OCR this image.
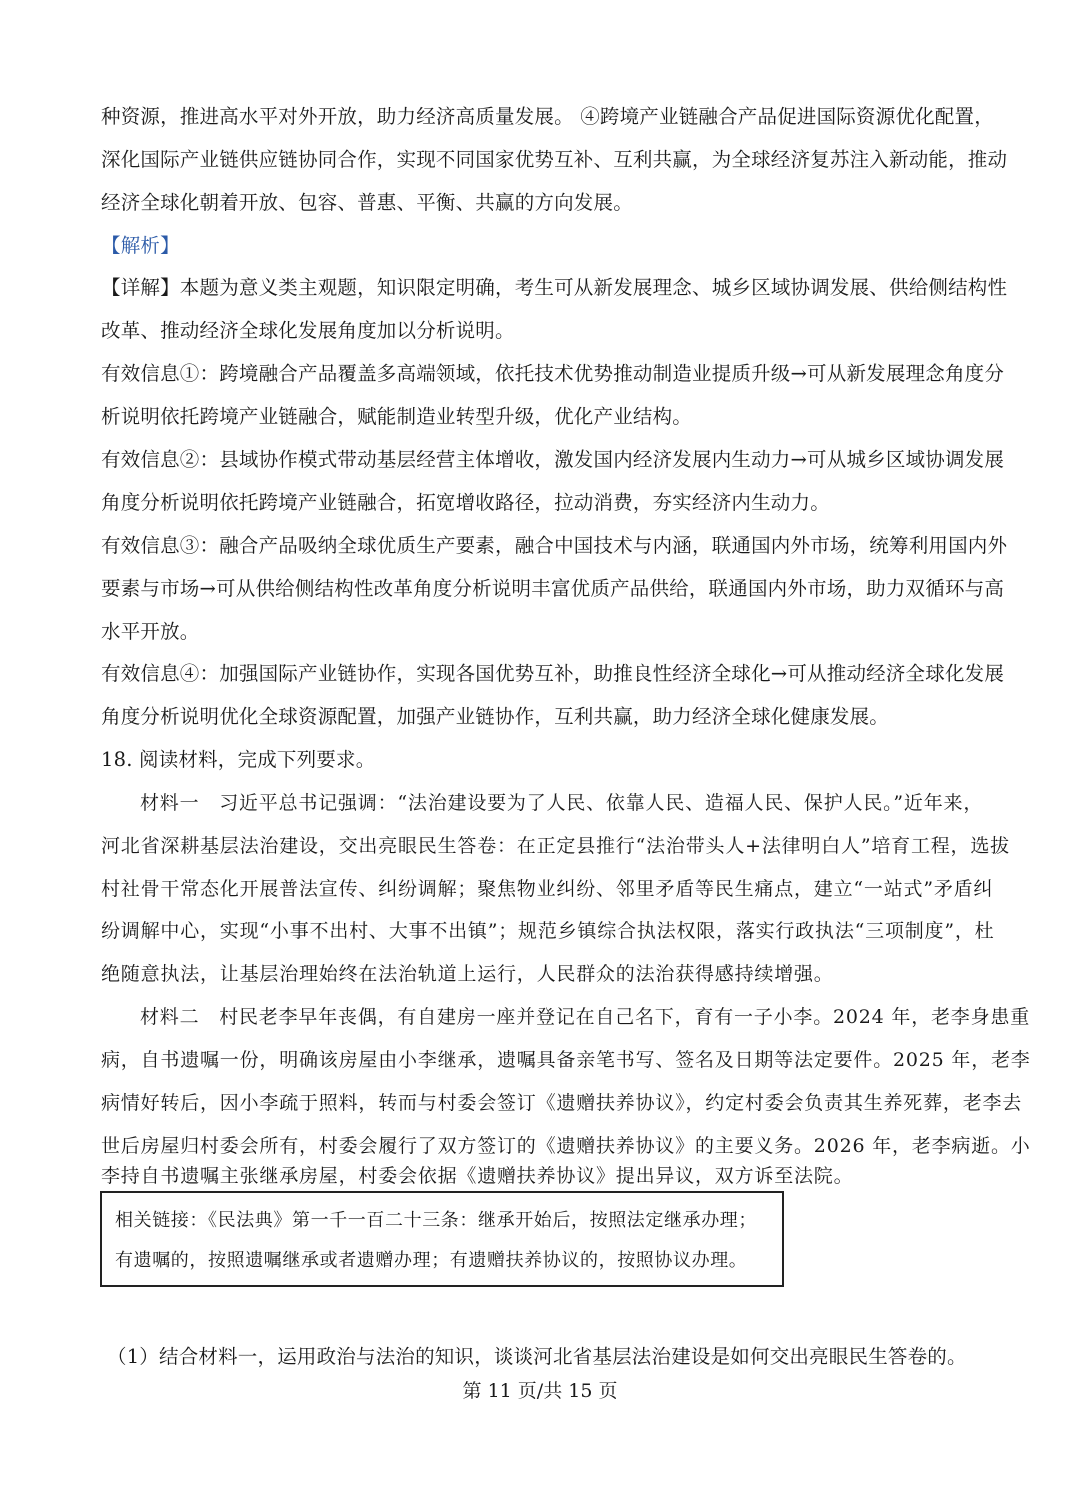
种资源，推进高水平对外开放，助力经济高质量发展。 ④跨境产业链融合产品促进国际资源优化配置，
深化国际产业链供应链协同合作，实现不同国家优势互补、互利共赢，为全球经济复苏注入新动能，推动
经济全球化朝着开放、包容、普惠、平衡、共赢的方向发展。
【解析】
【详解】本题为意义类主观题，知识限定明确，考生可从新发展理念、城乡区域协调发展、供给侧结构性
改革、推动经济全球化发展角度加以分析说明。
有效信息①：跨境融合产品覆盖多高端领域，依托技术优势推动制造业提质升级→可从新发展理念角度分
析说明依托跨境产业链融合，赋能制造业转型升级，优化产业结构。
有效信息②：县域协作模式带动基层经营主体增收，激发国内经济发展内生动力→可从城乡区域协调发展
角度分析说明依托跨境产业链融合，拓宽增收路径，拉动消费，夯实经济内生动力。
有效信息③：融合产品吸纳全球优质生产要素，融合中国技术与内涵，联通国内外市场，统筹利用国内外
要素与市场→可从供给侧结构性改革角度分析说明丰富优质产品供给，联通国内外市场，助力双循环与高
水平开放。
有效信息④：加强国际产业链协作，实现各国优势互补，助推良性经济全球化→可从推动经济全球化发展
角度分析说明优化全球资源配置，加强产业链协作，互利共赢，助力经济全球化健康发展。
18. 阅读材料，完成下列要求。
材料一　习近平总书记强调：“法治建设要为了人民、依靠人民、造福人民、保护人民。”近年来，
河北省深耕基层法治建设，交出亮眼民生答卷：在正定县推行“法治带头人+法律明白人”培育工程，选拔
村社骨干常态化开展普法宣传、纠纷调解；聚焦物业纠纷、邻里矛盾等民生痛点，建立“一站式”矛盾纠
纷调解中心，实现“小事不出村、大事不出镇”；规范乡镇综合执法权限，落实行政执法“三项制度”，杜
绝随意执法，让基层治理始终在法治轨道上运行，人民群众的法治获得感持续增强。
材料二　村民老李早年丧偶，有自建房一座并登记在自己名下，育有一子小李。2024 年，老李身患重
病，自书遗嘱一份，明确该房屋由小李继承，遗嘱具备亲笔书写、签名及日期等法定要件。2025 年，老李
病情好转后，因小李疏于照料，转而与村委会签订《遗赠扶养协议》，约定村委会负责其生养死葬，老李去
世后房屋归村委会所有，村委会履行了双方签订的《遗赠扶养协议》的主要义务。2026 年，老李病逝。小
李持自书遗嘱主张继承房屋，村委会依据《遗赠扶养协议》提出异议，双方诉至法院。
相关链接：《民法典》第一千一百二十三条：继承开始后，按照法定继承办理；
有遗嘱的，按照遗嘱继承或者遗赠办理；有遗赠扶养协议的，按照协议办理。
（1）结合材料一，运用政治与法治的知识，谈谈河北省基层法治建设是如何交出亮眼民生答卷的。
第 11 页/共 15 页
